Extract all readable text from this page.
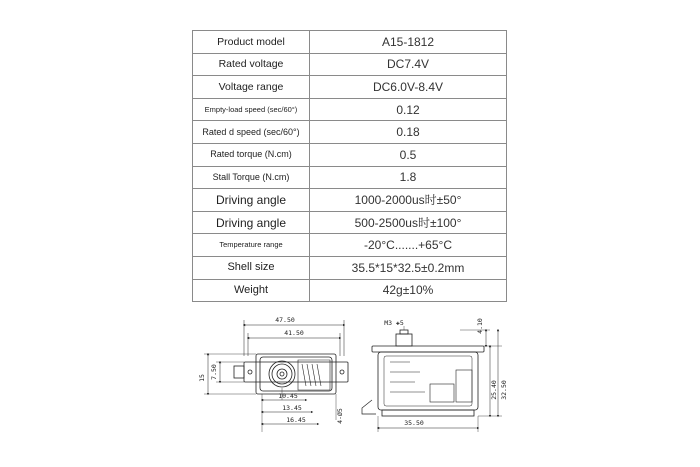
Product model	A15-1812
Rated voltage	DC7.4V
Voltage range	DC6.0V-8.4V
Empty-load speed (sec/60°)	0.12
Rated d speed (sec/60°)	0.18
Rated torque (N.cm)	0.5
Stall Torque (N.cm)	1.8
Driving angle	1000-2000us时±50°
Driving angle	500-2500us时±100°
Temperature range	-20°C.......+65°C
Shell size	35.5*15*32.5±0.2mm
Weight	42g±10%
47.50
41.50
15 7.50
10.45
13.45
16.45	4-Ø5
M3 ✚5	4.10
25.40 32.50
35.50
